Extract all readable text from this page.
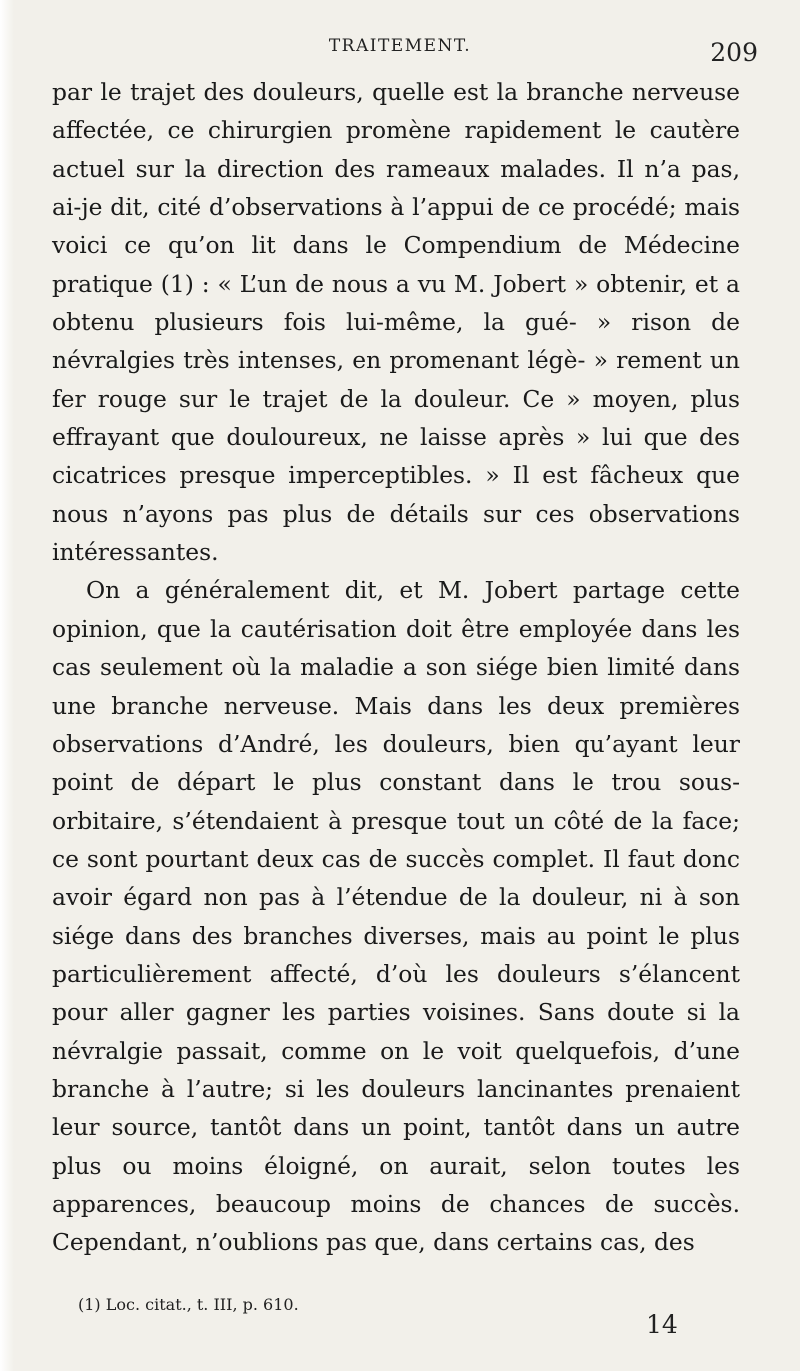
TRAITEMENT.	209

par le trajet des douleurs, quelle est la branche nerveuse affectée, ce chirurgien promène rapidement le cautère actuel sur la direction des rameaux malades. Il n’a pas, ai-je dit, cité d’observations à l’appui de ce procédé; mais voici ce qu’on lit dans le Compendium de Médecine pratique (1) : « L’un de nous a vu M. Jobert » obtenir, et a obtenu plusieurs fois lui-même, la gué- » rison de névralgies très intenses, en promenant légè- » rement un fer rouge sur le trajet de la douleur. Ce » moyen, plus effrayant que douloureux, ne laisse après » lui que des cicatrices presque imperceptibles. » Il est fâcheux que nous n’ayons pas plus de détails sur ces observations intéressantes.

On a généralement dit, et M. Jobert partage cette opinion, que la cautérisation doit être employée dans les cas seulement où la maladie a son siége bien limité dans une branche nerveuse. Mais dans les deux premières observations d’André, les douleurs, bien qu’ayant leur point de départ le plus constant dans le trou sous-orbitaire, s’étendaient à presque tout un côté de la face; ce sont pourtant deux cas de succès complet. Il faut donc avoir égard non pas à l’étendue de la douleur, ni à son siége dans des branches diverses, mais au point le plus particulièrement affecté, d’où les douleurs s’élancent pour aller gagner les parties voisines. Sans doute si la névralgie passait, comme on le voit quelquefois, d’une branche à l’autre; si les douleurs lancinantes prenaient leur source, tantôt dans un point, tantôt dans un autre plus ou moins éloigné, on aurait, selon toutes les apparences, beaucoup moins de chances de succès. Cependant, n’oublions pas que, dans certains cas, des

(1) Loc. citat., t. III, p. 610.
14
